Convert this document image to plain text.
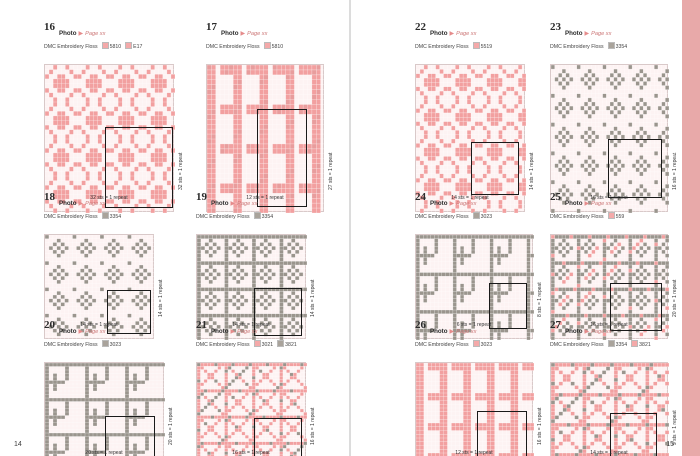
16
Photo ▶ Page xx
DMC Embroidery Floss 5810 E17
32 sts = 1 repeat
32 sts = 1 repeat
17
Photo ▶ Page xx
DMC Embroidery Floss 5810
12 sts = 1 repeat
27 sts = 1 repeat
18
Photo ▶ Page xx
DMC Embroidery Floss 3354
14 sts = 1 repeat
14 sts = 1 repeat
19
Photo ▶ Page xx
DMC Embroidery Floss 3354
14 sts = 1 repeat
14 sts = 1 repeat
20
Photo ▶ Page xx
DMC Embroidery Floss 3023
20 sts = 1 repeat
20 sts = 1 repeat
21
Photo ▶ Page xx
DMC Embroidery Floss 3021 3821
16 sts = 1 repeat
16 sts = 1 repeat
22
Photo ▶ Page xx
DMC Embroidery Floss 5519
14 sts = 1 repeat
14 sts = 1 repeat
23
Photo ▶ Page xx
DMC Embroidery Floss 3354
16 sts = 1 repeat
16 sts = 1 repeat
24
Photo ▶ Page xx
DMC Embroidery Floss 3023
6 sts = 1 repeat
8 sts = 1 repeat
25
Photo ▶ Page xx
DMC Embroidery Floss 559
16 sts = 1 repeat
20 sts = 1 repeat
26
Photo ▶ Page xx
DMC Embroidery Floss 3023
12 sts = 1 repeat
16 sts = 1 repeat
27
Photo ▶ Page xx
DMC Embroidery Floss 3354 3821
14 sts = 1 repeat
9 sts = 1 repeat
PART ONE: Geometric Patterns
14	15
